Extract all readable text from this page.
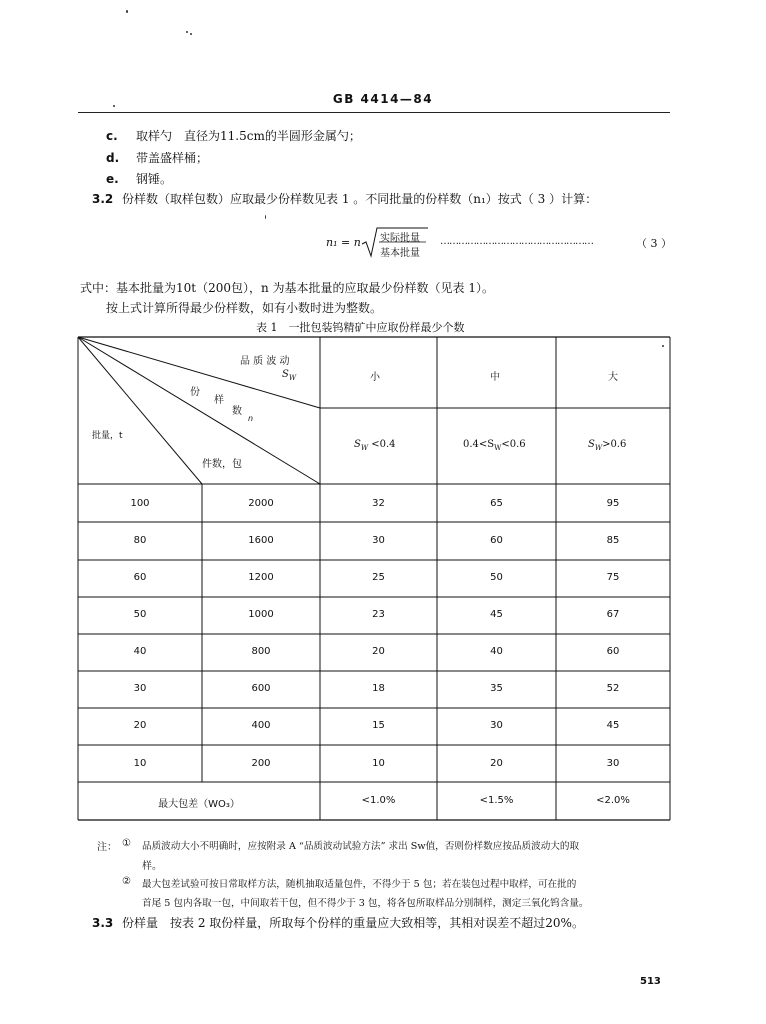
GB 4414—84
c. 取样勺　直径为11.5cm的半圆形金属勺；
d. 带盖盛样桶；
e. 钢锤。
3.2 份样数（取样包数）应取最少份样数见表 1 。不同批量的份样数（n₁）按式（ 3 ）计算：
n₁ = n 实际批量
基本批量
……………………………………………	（ 3 ）
式中：基本批量为10t（200包），n 为基本批量的应取最少份样数（见表 1）。
按上式计算所得最少份样数，如有小数时进为整数。
表 1　一批包装钨精矿中应取份样最少个数
品 质 波 动
$S_W$
份
样
数
n
批量，t
件数，包
小	中	大
$S_W <0.4$	$0.4<S_W<0.6$	$S_W>0.6$
100	2000	32	65	95
80	1600	30	60	85
60	1200	25	50	75
50	1000	23	45	67
40	800	20	40	60
30	600	18	35	52
20	400	15	30	45
10	200	10	20	30
最大包差（WO₃）	<1.0%	<1.5%	<2.0%
注： ① 品质波动大小不明确时，应按附录 A “品质波动试验方法” 求出 Sw值，否则份样数应按品质波动大的取
样。
② 最大包差试验可按日常取样方法，随机抽取适量包件，不得少于 5 包；若在装包过程中取样，可在批的
首尾 5 包内各取一包，中间取若干包，但不得少于 3 包，将各包所取样品分别制样，测定三氧化钨含量。
3.3 份样量　按表 2 取份样量，所取每个份样的重量应大致相等，其相对误差不超过20%。
513
